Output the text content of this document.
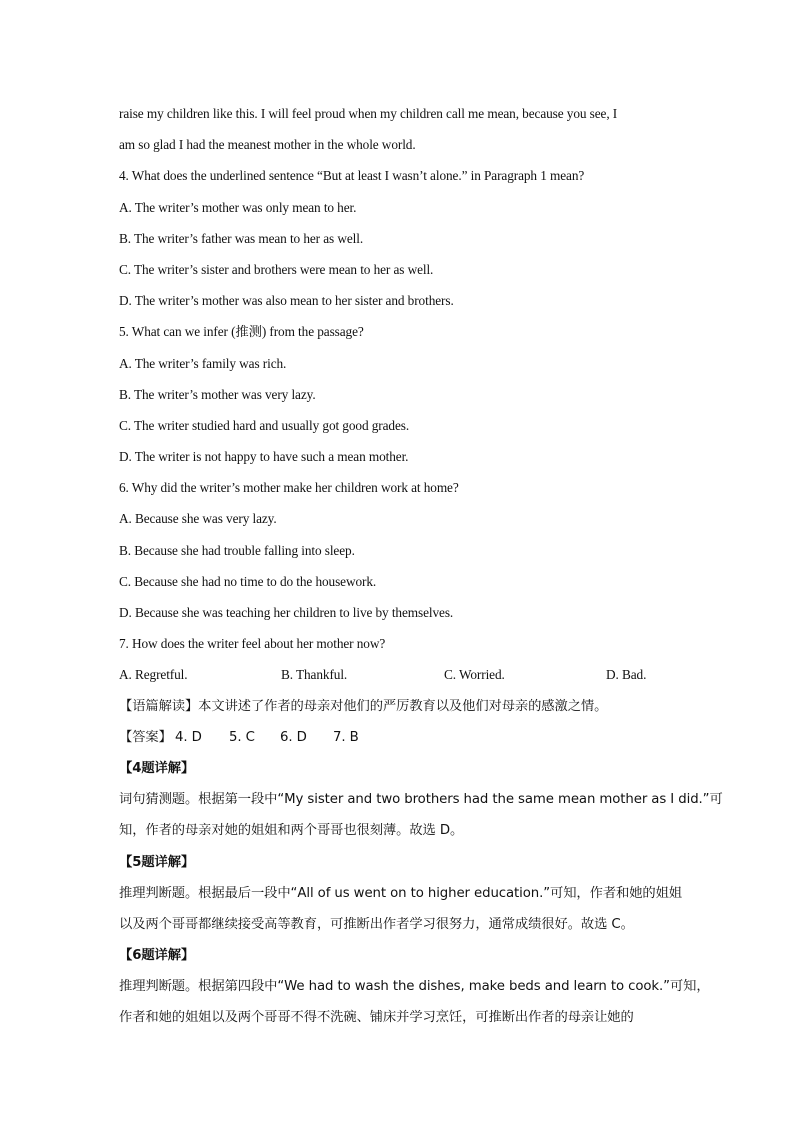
raise my children like this. I will feel proud when my children call me mean, because you see, I
am so glad I had the meanest mother in the whole world.
4. What does the underlined sentence “But at least I wasn’t alone.” in Paragraph 1 mean?
A. The writer’s mother was only mean to her.
B. The writer’s father was mean to her as well.
C. The writer’s sister and brothers were mean to her as well.
D. The writer’s mother was also mean to her sister and brothers.
5. What can we infer (推测) from the passage?
A. The writer’s family was rich.
B. The writer’s mother was very lazy.
C. The writer studied hard and usually got good grades.
D. The writer is not happy to have such a mean mother.
6. Why did the writer’s mother make her children work at home?
A. Because she was very lazy.
B. Because she had trouble falling into sleep.
C. Because she had no time to do the housework.
D. Because she was teaching her children to live by themselves.
7. How does the writer feel about her mother now?
A. Regretful.	B. Thankful.	C. Worried.	D. Bad.
【语篇解读】本文讲述了作者的母亲对他们的严厉教育以及他们对母亲的感激之情。
【答案】 4. D 5. C 6. D 7. B
【4题详解】
词句猜测题。根据第一段中“My sister and two brothers had the same mean mother as I did.”可
知，作者的母亲对她的姐姐和两个哥哥也很刻薄。故选 D。
【5题详解】
推理判断题。根据最后一段中“All of us went on to higher education.”可知，作者和她的姐姐
以及两个哥哥都继续接受高等教育，可推断出作者学习很努力，通常成绩很好。故选 C。
【6题详解】
推理判断题。根据第四段中“We had to wash the dishes, make beds and learn to cook.”可知，
作者和她的姐姐以及两个哥哥不得不洗碗、铺床并学习烹饪，可推断出作者的母亲让她的
